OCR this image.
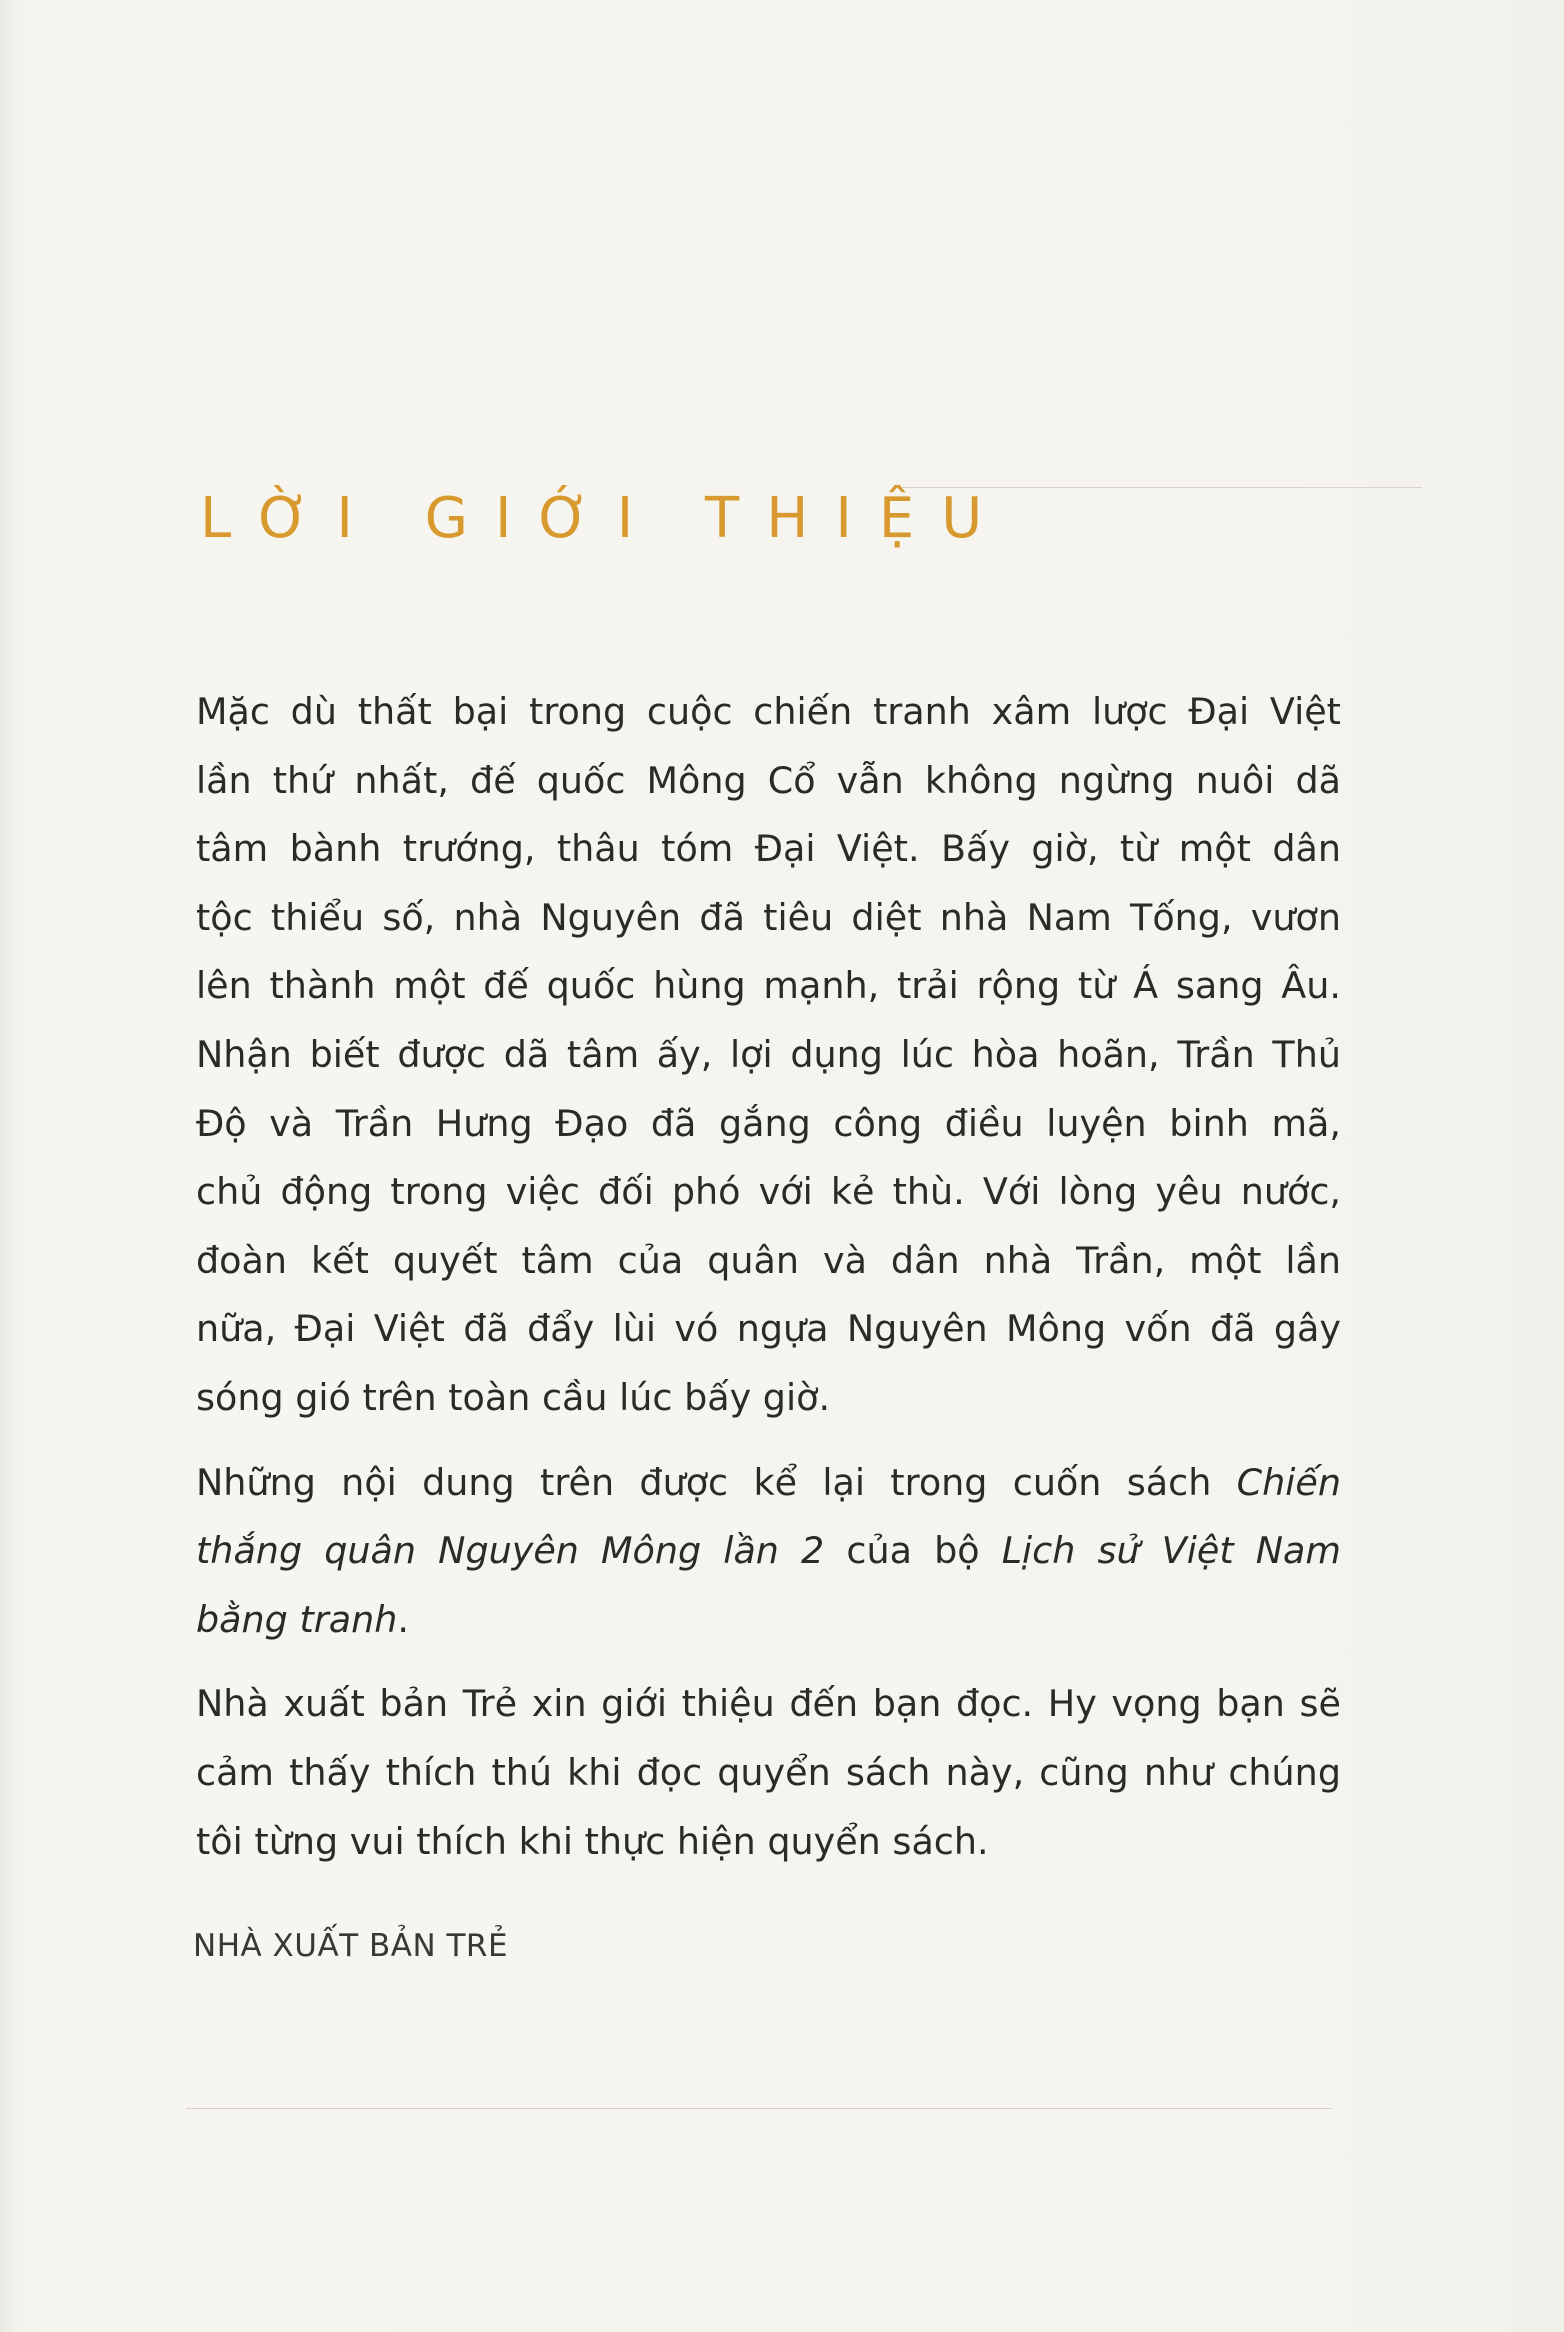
LỜI GIỚI THIỆU

Mặc dù thất bại trong cuộc chiến tranh xâm lược Đại Việt
lần thứ nhất, đế quốc Mông Cổ vẫn không ngừng nuôi dã
tâm bành trướng, thâu tóm Đại Việt. Bấy giờ, từ một dân
tộc thiểu số, nhà Nguyên đã tiêu diệt nhà Nam Tống, vươn
lên thành một đế quốc hùng mạnh, trải rộng từ Á sang Âu.
Nhận biết được dã tâm ấy, lợi dụng lúc hòa hoãn, Trần Thủ
Độ và Trần Hưng Đạo đã gắng công điều luyện binh mã,
chủ động trong việc đối phó với kẻ thù. Với lòng yêu nước,
đoàn kết quyết tâm của quân và dân nhà Trần, một lần
nữa, Đại Việt đã đẩy lùi vó ngựa Nguyên Mông vốn đã gây
sóng gió trên toàn cầu lúc bấy giờ.

Những nội dung trên được kể lại trong cuốn sách Chiến
thắng quân Nguyên Mông lần 2 của bộ Lịch sử Việt Nam
bằng tranh.

Nhà xuất bản Trẻ xin giới thiệu đến bạn đọc. Hy vọng bạn sẽ
cảm thấy thích thú khi đọc quyển sách này, cũng như chúng
tôi từng vui thích khi thực hiện quyển sách.

NHÀ XUẤT BẢN TRẺ
